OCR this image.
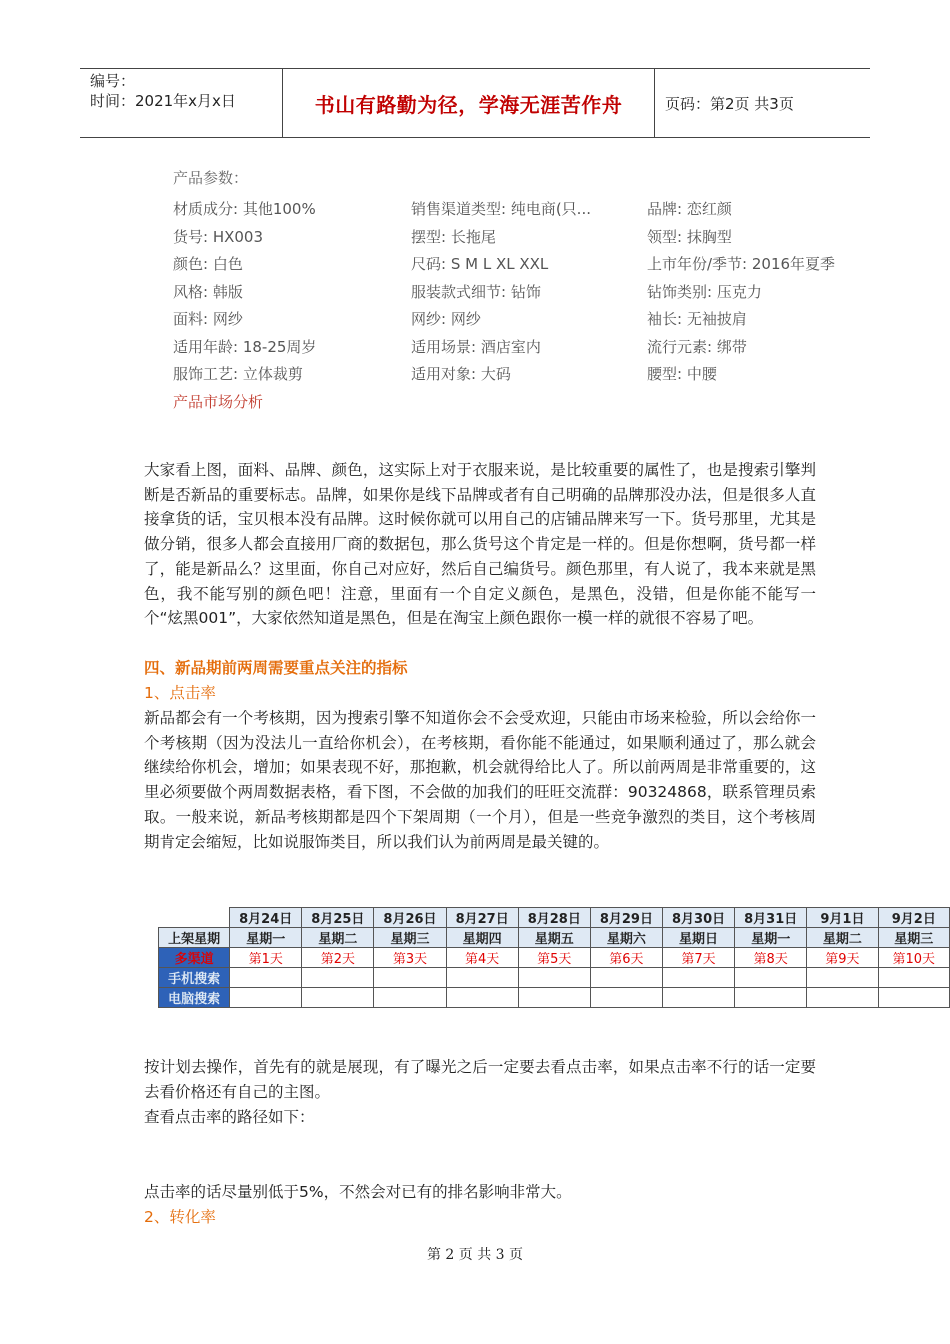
编号：
时间：2021年x月x日	书山有路勤为径，学海无涯苦作舟	页码：第2页 共3页
产品参数：
材质成分: 其他100%	销售渠道类型: 纯电商(只...	品牌: 恋红颜
货号: HX003	摆型: 长拖尾	领型: 抹胸型
颜色: 白色	尺码: S M L XL XXL	上市年份/季节: 2016年夏季
风格: 韩版	服装款式细节: 钻饰	钻饰类别: 压克力
面料: 网纱	网纱: 网纱	袖长: 无袖披肩
适用年龄: 18-25周岁	适用场景: 酒店室内	流行元素: 绑带
服饰工艺: 立体裁剪	适用对象: 大码	腰型: 中腰
产品市场分析

大家看上图，面料、品牌、颜色，这实际上对于衣服来说，是比较重要的属性了，也是搜索引擎判断是否新品的重要标志。品牌，如果你是线下品牌或者有自己明确的品牌那没办法，但是很多人直接拿货的话，宝贝根本没有品牌。这时候你就可以用自己的店铺品牌来写一下。货号那里，尤其是做分销，很多人都会直接用厂商的数据包，那么货号这个肯定是一样的。但是你想啊，货号都一样了，能是新品么？这里面，你自己对应好，然后自己编货号。颜色那里，有人说了，我本来就是黑色，我不能写别的颜色吧！注意，里面有一个自定义颜色，是黑色，没错，但是你能不能写一个“炫黑001”，大家依然知道是黑色，但是在淘宝上颜色跟你一模一样的就很不容易了吧。

四、新品期前两周需要重点关注的指标

1、点击率

新品都会有一个考核期，因为搜索引擎不知道你会不会受欢迎，只能由市场来检验，所以会给你一个考核期（因为没法儿一直给你机会），在考核期，看你能不能通过，如果顺利通过了，那么就会继续给你机会，增加；如果表现不好，那抱歉，机会就得给比人了。所以前两周是非常重要的，这里必须要做个两周数据表格，看下图，不会做的加我们的旺旺交流群：90324868，联系管理员索取。一般来说，新品考核期都是四个下架周期（一个月），但是一些竞争激烈的类目，这个考核周期肯定会缩短，比如说服饰类目，所以我们认为前两周是最关键的。

	8月24日	8月25日	8月26日	8月27日	8月28日	8月29日	8月30日	8月31日	9月1日	9月2日
上架星期	星期一	星期二	星期三	星期四	星期五	星期六	星期日	星期一	星期二	星期三
多渠道	第1天	第2天	第3天	第4天	第5天	第6天	第7天	第8天	第9天	第10天
手机搜索										
电脑搜索										

按计划去操作，首先有的就是展现，有了曝光之后一定要去看点击率，如果点击率不行的话一定要去看价格还有自己的主图。

查看点击率的路径如下：

点击率的话尽量别低于5%，不然会对已有的排名影响非常大。

2、转化率

第 2 页 共 3 页
